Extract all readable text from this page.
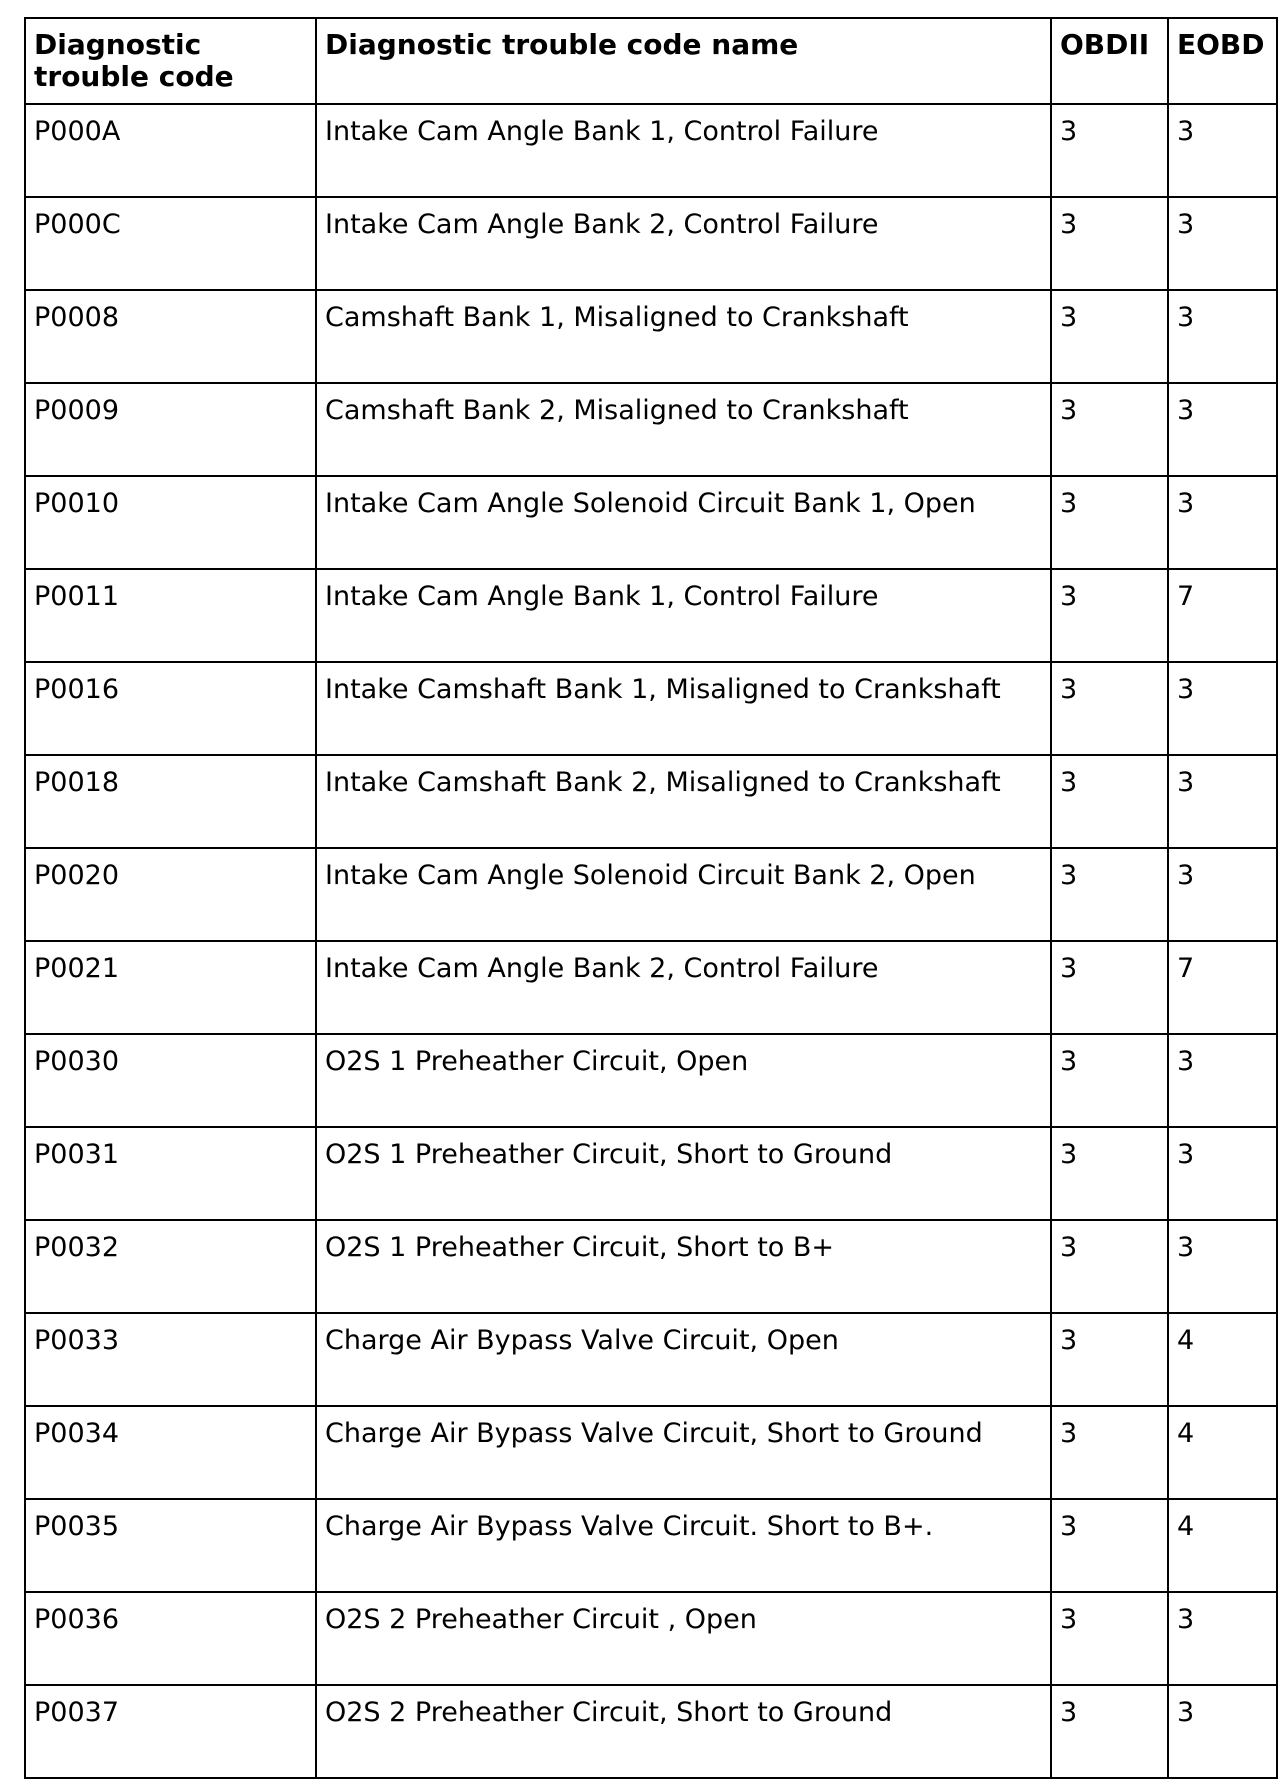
Diagnostic trouble code	Diagnostic trouble code name	OBDII	EOBD
P000A	Intake Cam Angle Bank 1, Control Failure	3	3
P000C	Intake Cam Angle Bank 2, Control Failure	3	3
P0008	Camshaft Bank 1, Misaligned to Crankshaft	3	3
P0009	Camshaft Bank 2, Misaligned to Crankshaft	3	3
P0010	Intake Cam Angle Solenoid Circuit Bank 1, Open	3	3
P0011	Intake Cam Angle Bank 1, Control Failure	3	7
P0016	Intake Camshaft Bank 1, Misaligned to Crankshaft	3	3
P0018	Intake Camshaft Bank 2, Misaligned to Crankshaft	3	3
P0020	Intake Cam Angle Solenoid Circuit Bank 2, Open	3	3
P0021	Intake Cam Angle Bank 2, Control Failure	3	7
P0030	O2S 1 Preheather Circuit, Open	3	3
P0031	O2S 1 Preheather Circuit, Short to Ground	3	3
P0032	O2S 1 Preheather Circuit, Short to B+	3	3
P0033	Charge Air Bypass Valve Circuit, Open	3	4
P0034	Charge Air Bypass Valve Circuit, Short to Ground	3	4
P0035	Charge Air Bypass Valve Circuit. Short to B+.	3	4
P0036	O2S 2 Preheather Circuit , Open	3	3
P0037	O2S 2 Preheather Circuit, Short to Ground	3	3
